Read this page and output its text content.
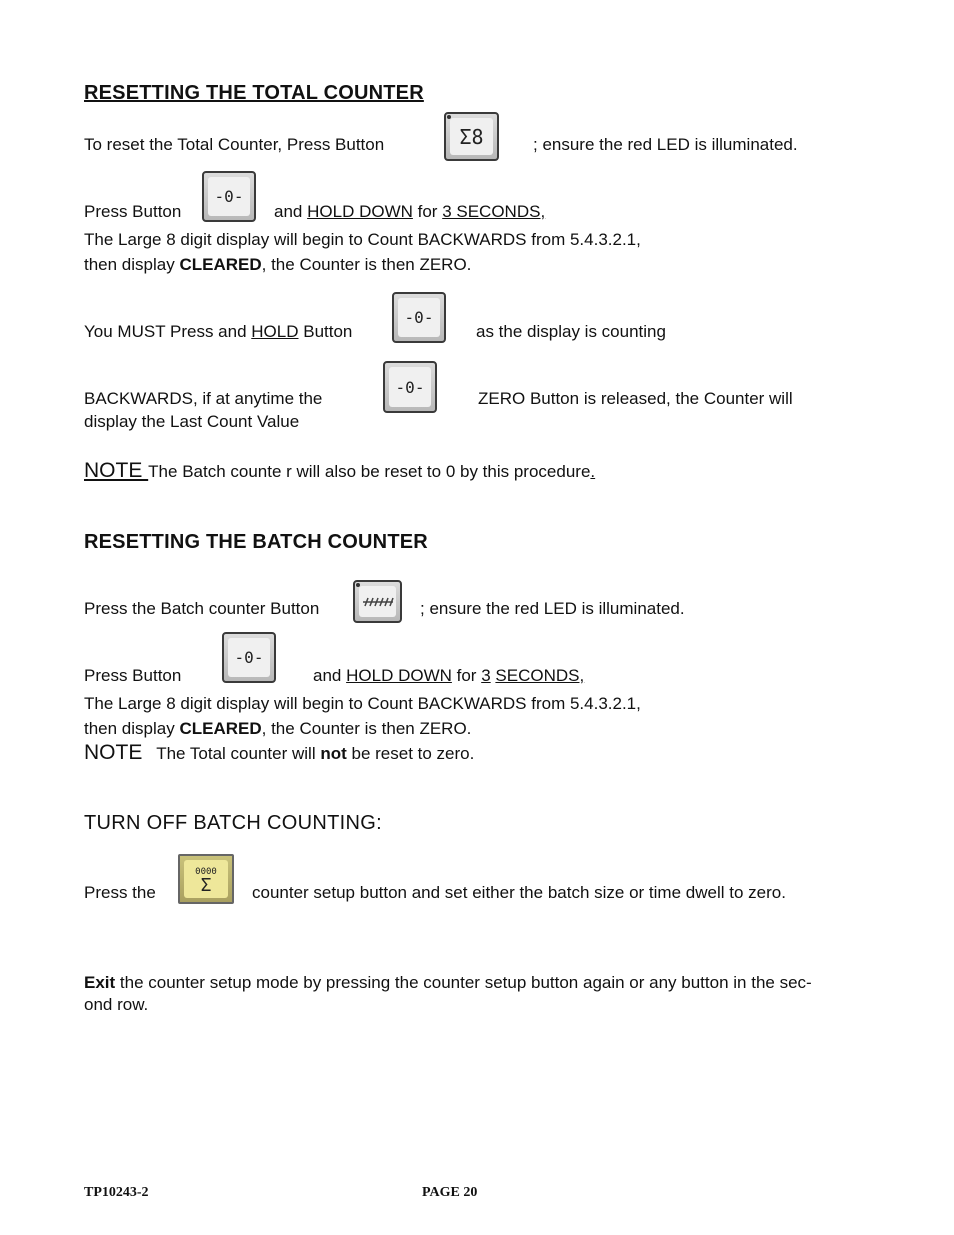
RESETTING THE TOTAL COUNTER
To reset the Total Counter, Press Button	Σ8	; ensure the red LED is illuminated.
Press Button
-0-
and HOLD DOWN for 3 SECONDS,
The Large 8 digit display will begin to Count BACKWARDS from 5.4.3.2.1,
then display CLEARED, the Counter is then ZERO.
You MUST Press and HOLD Button
-0-
as the display is counting
BACKWARDS, if at anytime the
-0-
ZERO Button is released, the Counter will
display the Last Count Value
NOTE The Batch counte r will also be reset to 0 by this procedure.
RESETTING THE BATCH COUNTER
Press the Batch counter Button	; ensure the red LED is illuminated.
Press Button
-0-
and HOLD DOWN for 3 SECONDS,
The Large 8 digit display will begin to Count BACKWARDS from 5.4.3.2.1,
then display CLEARED, the Counter is then ZERO.
NOTE The Total counter will not be reset to zero.
TURN OFF BATCH COUNTING:
Press the
0000
Σ counter setup button and set either the batch size or time dwell to zero.
Exit the counter setup mode by pressing the counter setup button again or any button in the sec-
ond row.
TP10243-2	PAGE 20
